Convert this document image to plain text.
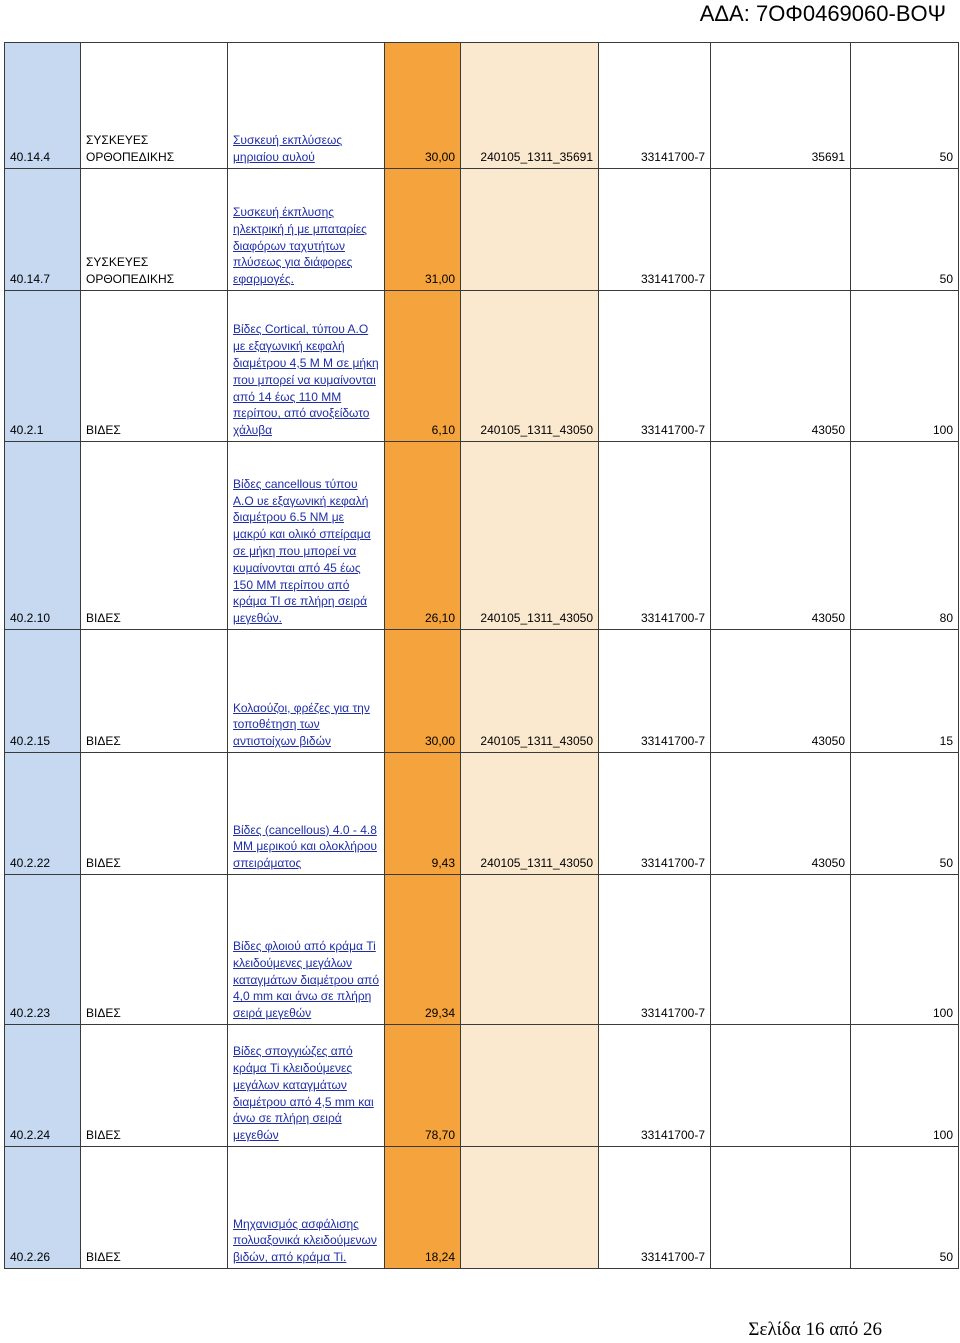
ΑΔΑ: 7ΟΦ0469060-ΒΟΨ
40.14.4	ΣΥΣΚΕΥΕΣ ΟΡΘΟΠΕΔΙΚΗΣ	Συσκευή εκπλύσεως μηριαίου αυλού	30,00	240105_1311_35691	33141700-7	35691	50
40.14.7	ΣΥΣΚΕΥΕΣ ΟΡΘΟΠΕΔΙΚΗΣ	Συσκευή έκπλυσης ηλεκτρική ή με μπαταρίες διαφόρων ταχυτήτων πλύσεως για διάφορες εφαρμογές.	31,00		33141700-7		50
40.2.1	ΒΙΔΕΣ	Βίδες Cortical, τύπου Α.Ο με εξαγωνική κεφαλή διαμέτρου 4,5 M M σε μήκη που μπορεί να κυμαίνονται από 14 έως 110 MM περίπου, από ανοξείδωτο χάλυβα	6,10	240105_1311_43050	33141700-7	43050	100
40.2.10	ΒΙΔΕΣ	Βίδες cancellous τύπου Α.Ο υε εξαγωνική κεφαλή διαμέτρου 6.5 NM με μακρύ και ολικό σπείραμα σε μήκη που μπορεί να κυμαίνονται από 45 έως 150 MM περίπου από κράμα TI σε πλήρη σειρά μεγεθών.	26,10	240105_1311_43050	33141700-7	43050	80
40.2.15	ΒΙΔΕΣ	Κολαούζοι, φρέζες για την τοποθέτηση των αντιστοίχων βιδών	30,00	240105_1311_43050	33141700-7	43050	15
40.2.22	ΒΙΔΕΣ	Βίδες (cancellous) 4.0 - 4.8 MM μερικού και ολοκλήρου σπειράματος	9,43	240105_1311_43050	33141700-7	43050	50
40.2.23	ΒΙΔΕΣ	Βίδες φλοιού από κράμα Ti κλειδούμενες μεγάλων καταγμάτων διαμέτρου από 4,0 mm και άνω σε πλήρη σειρά μεγεθών	29,34		33141700-7		100
40.2.24	ΒΙΔΕΣ	Βίδες σπογγιώζες από κράμα Ti κλειδούμενες μεγάλων καταγμάτων διαμέτρου από 4,5 mm και άνω σε πλήρη σειρά μεγεθών	78,70		33141700-7		100
40.2.26	ΒΙΔΕΣ	Μηχανισμός ασφάλισης πολυαξονικά κλειδούμενων βιδών, από κράμα Ti.	18,24		33141700-7		50
Σελίδα 16 από 26
